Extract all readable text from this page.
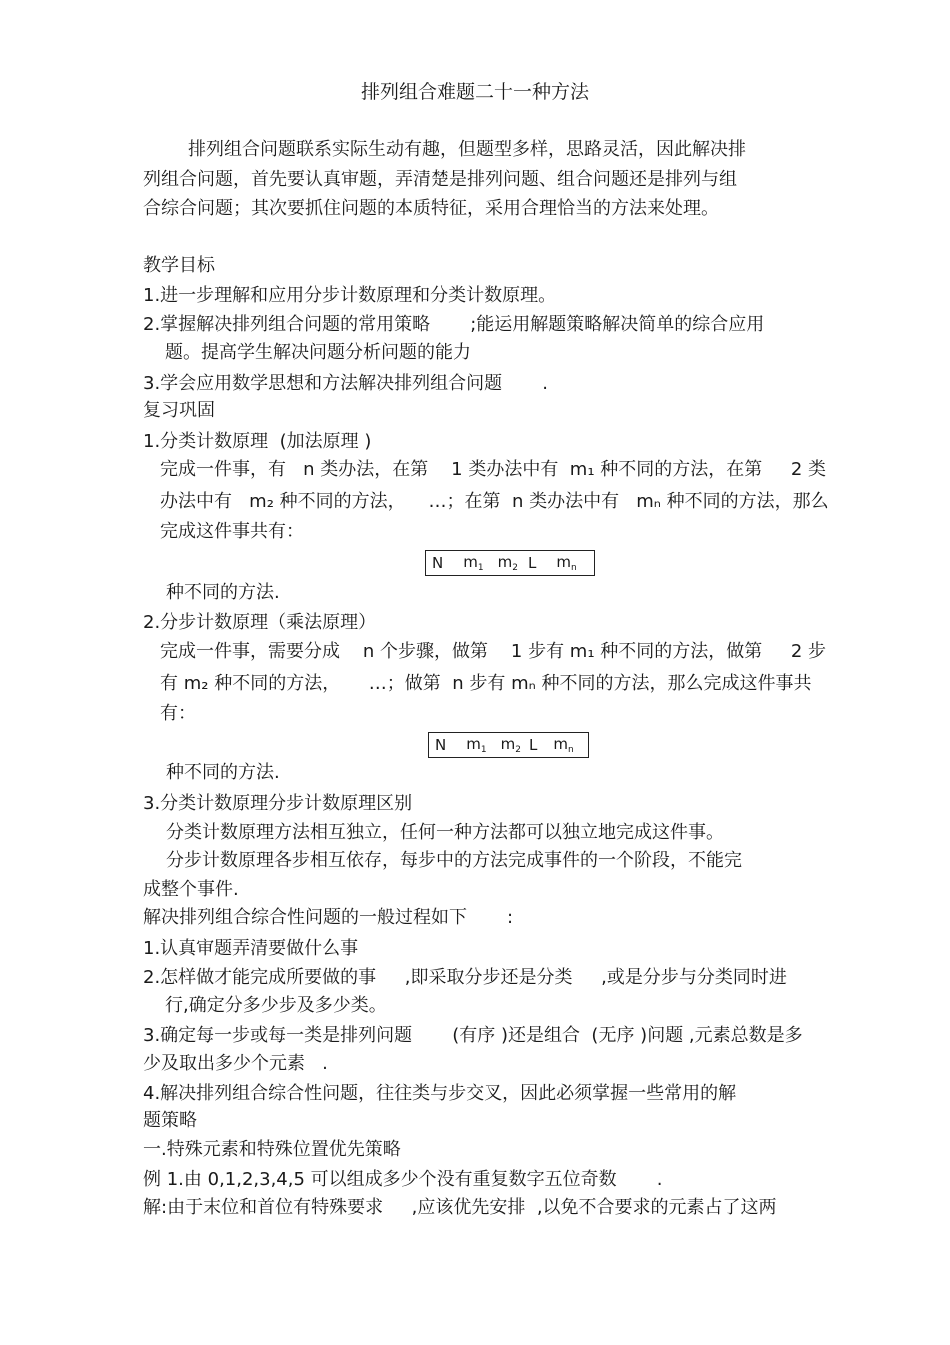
排列组合难题二十一种方法
排列组合问题联系实际生动有趣，但题型多样，思路灵活，因此解决排
列组合问题，首先要认真审题，弄清楚是排列问题、组合问题还是排列与组
合综合问题；其次要抓住问题的本质特征，采用合理恰当的方法来处理。
教学目标
1.进一步理解和应用分步计数原理和分类计数原理。
2.掌握解决排列组合问题的常用策略       ;能运用解题策略解决简单的综合应用
题。提高学生解决问题分析问题的能力
3.学会应用数学思想和方法解决排列组合问题       .
复习巩固
1.分类计数原理  (加法原理 )
完成一件事，有   n 类办法，在第    1 类办法中有  m₁ 种不同的方法，在第     2 类
办法中有   m₂ 种不同的方法，    …；在第  n 类办法中有   mₙ 种不同的方法，那么
完成这件事共有：
N $m_1$ $m_2$ L $m_n$
种不同的方法.
2.分步计数原理（乘法原理）
完成一件事，需要分成    n 个步骤，做第    1 步有 m₁ 种不同的方法，做第     2 步
有 m₂ 种不同的方法，     …；做第  n 步有 mₙ 种不同的方法，那么完成这件事共
有：
N $m_1$ $m_2$ L $m_n$
种不同的方法.
3.分类计数原理分步计数原理区别
分类计数原理方法相互独立，任何一种方法都可以独立地完成这件事。
分步计数原理各步相互依存，每步中的方法完成事件的一个阶段，不能完
成整个事件.
解决排列组合综合性问题的一般过程如下       :
1.认真审题弄清要做什么事
2.怎样做才能完成所要做的事     ,即采取分步还是分类     ,或是分步与分类同时进
行,确定分多少步及多少类。
3.确定每一步或每一类是排列问题       (有序 )还是组合  (无序 )问题 ,元素总数是多
少及取出多少个元素   .
4.解决排列组合综合性问题，往往类与步交叉，因此必须掌握一些常用的解
题策略
一.特殊元素和特殊位置优先策略
例 1.由 0,1,2,3,4,5 可以组成多少个没有重复数字五位奇数       .
解:由于末位和首位有特殊要求     ,应该优先安排  ,以免不合要求的元素占了这两
